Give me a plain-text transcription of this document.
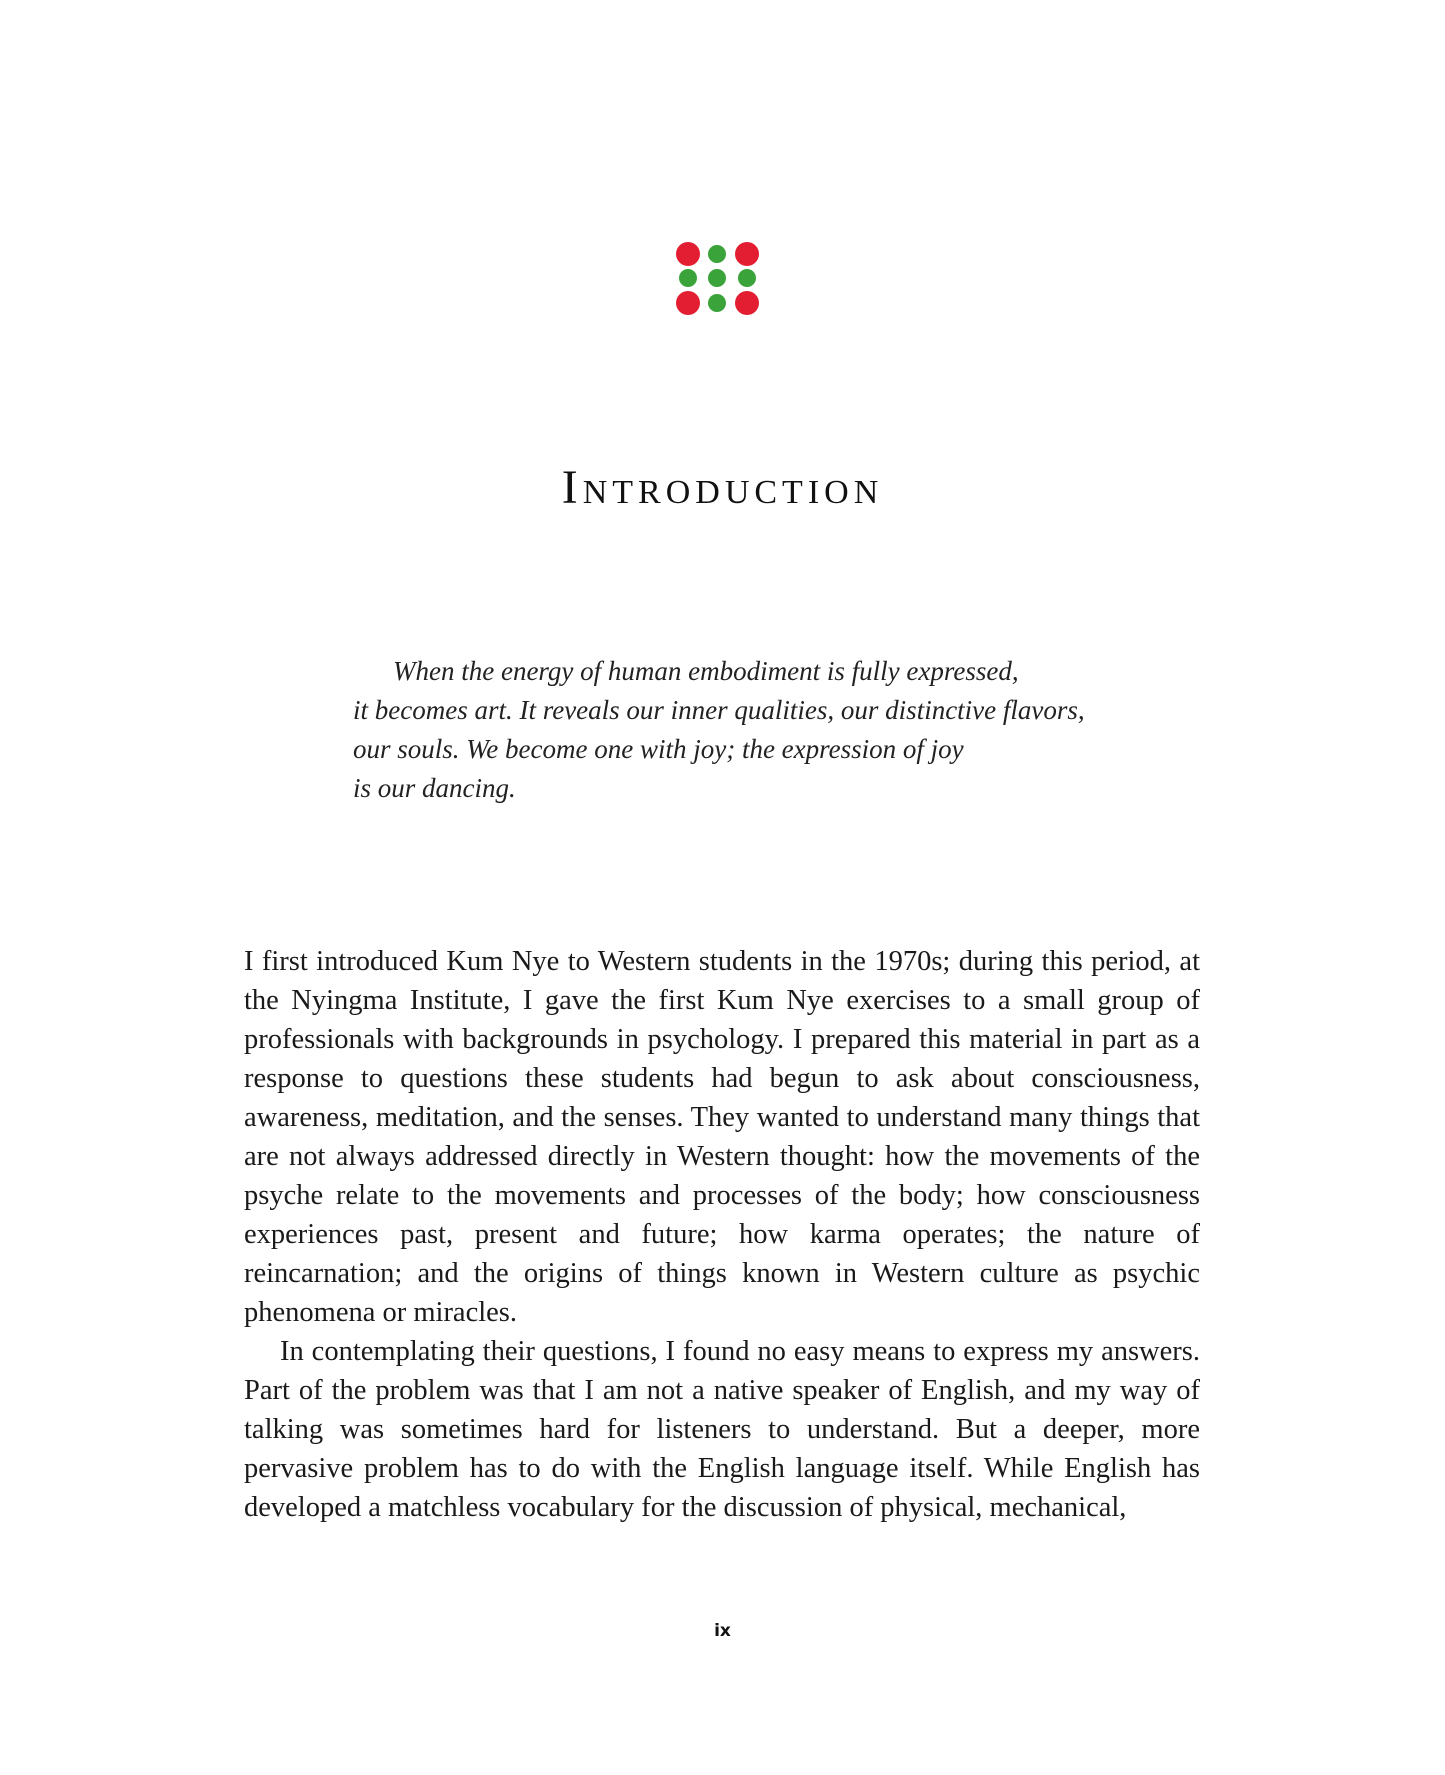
Introduction
When the energy of human embodiment is fully expressed,
it becomes art. It reveals our inner qualities, our distinctive flavors,
our souls. We become one with joy; the expression of joy
is our dancing.

I first introduced Kum Nye to Western students in the 1970s; during this period, at the Nyingma Institute, I gave the first Kum Nye exercises to a small group of professionals with backgrounds in psychology. I prepared this material in part as a response to questions these students had begun to ask about consciousness, awareness, meditation, and the senses. They wanted to understand many things that are not always addressed directly in Western thought: how the movements of the psyche relate to the movements and processes of the body; how consciousness experiences past, present and future; how karma operates; the nature of reincarnation; and the origins of things known in Western culture as psychic phenomena or miracles.

In contemplating their questions, I found no easy means to express my answers. Part of the problem was that I am not a native speaker of English, and my way of talking was sometimes hard for listeners to understand. But a deeper, more pervasive problem has to do with the English language itself. While English has developed a matchless vocabulary for the discussion of physical, mechanical,

ix
